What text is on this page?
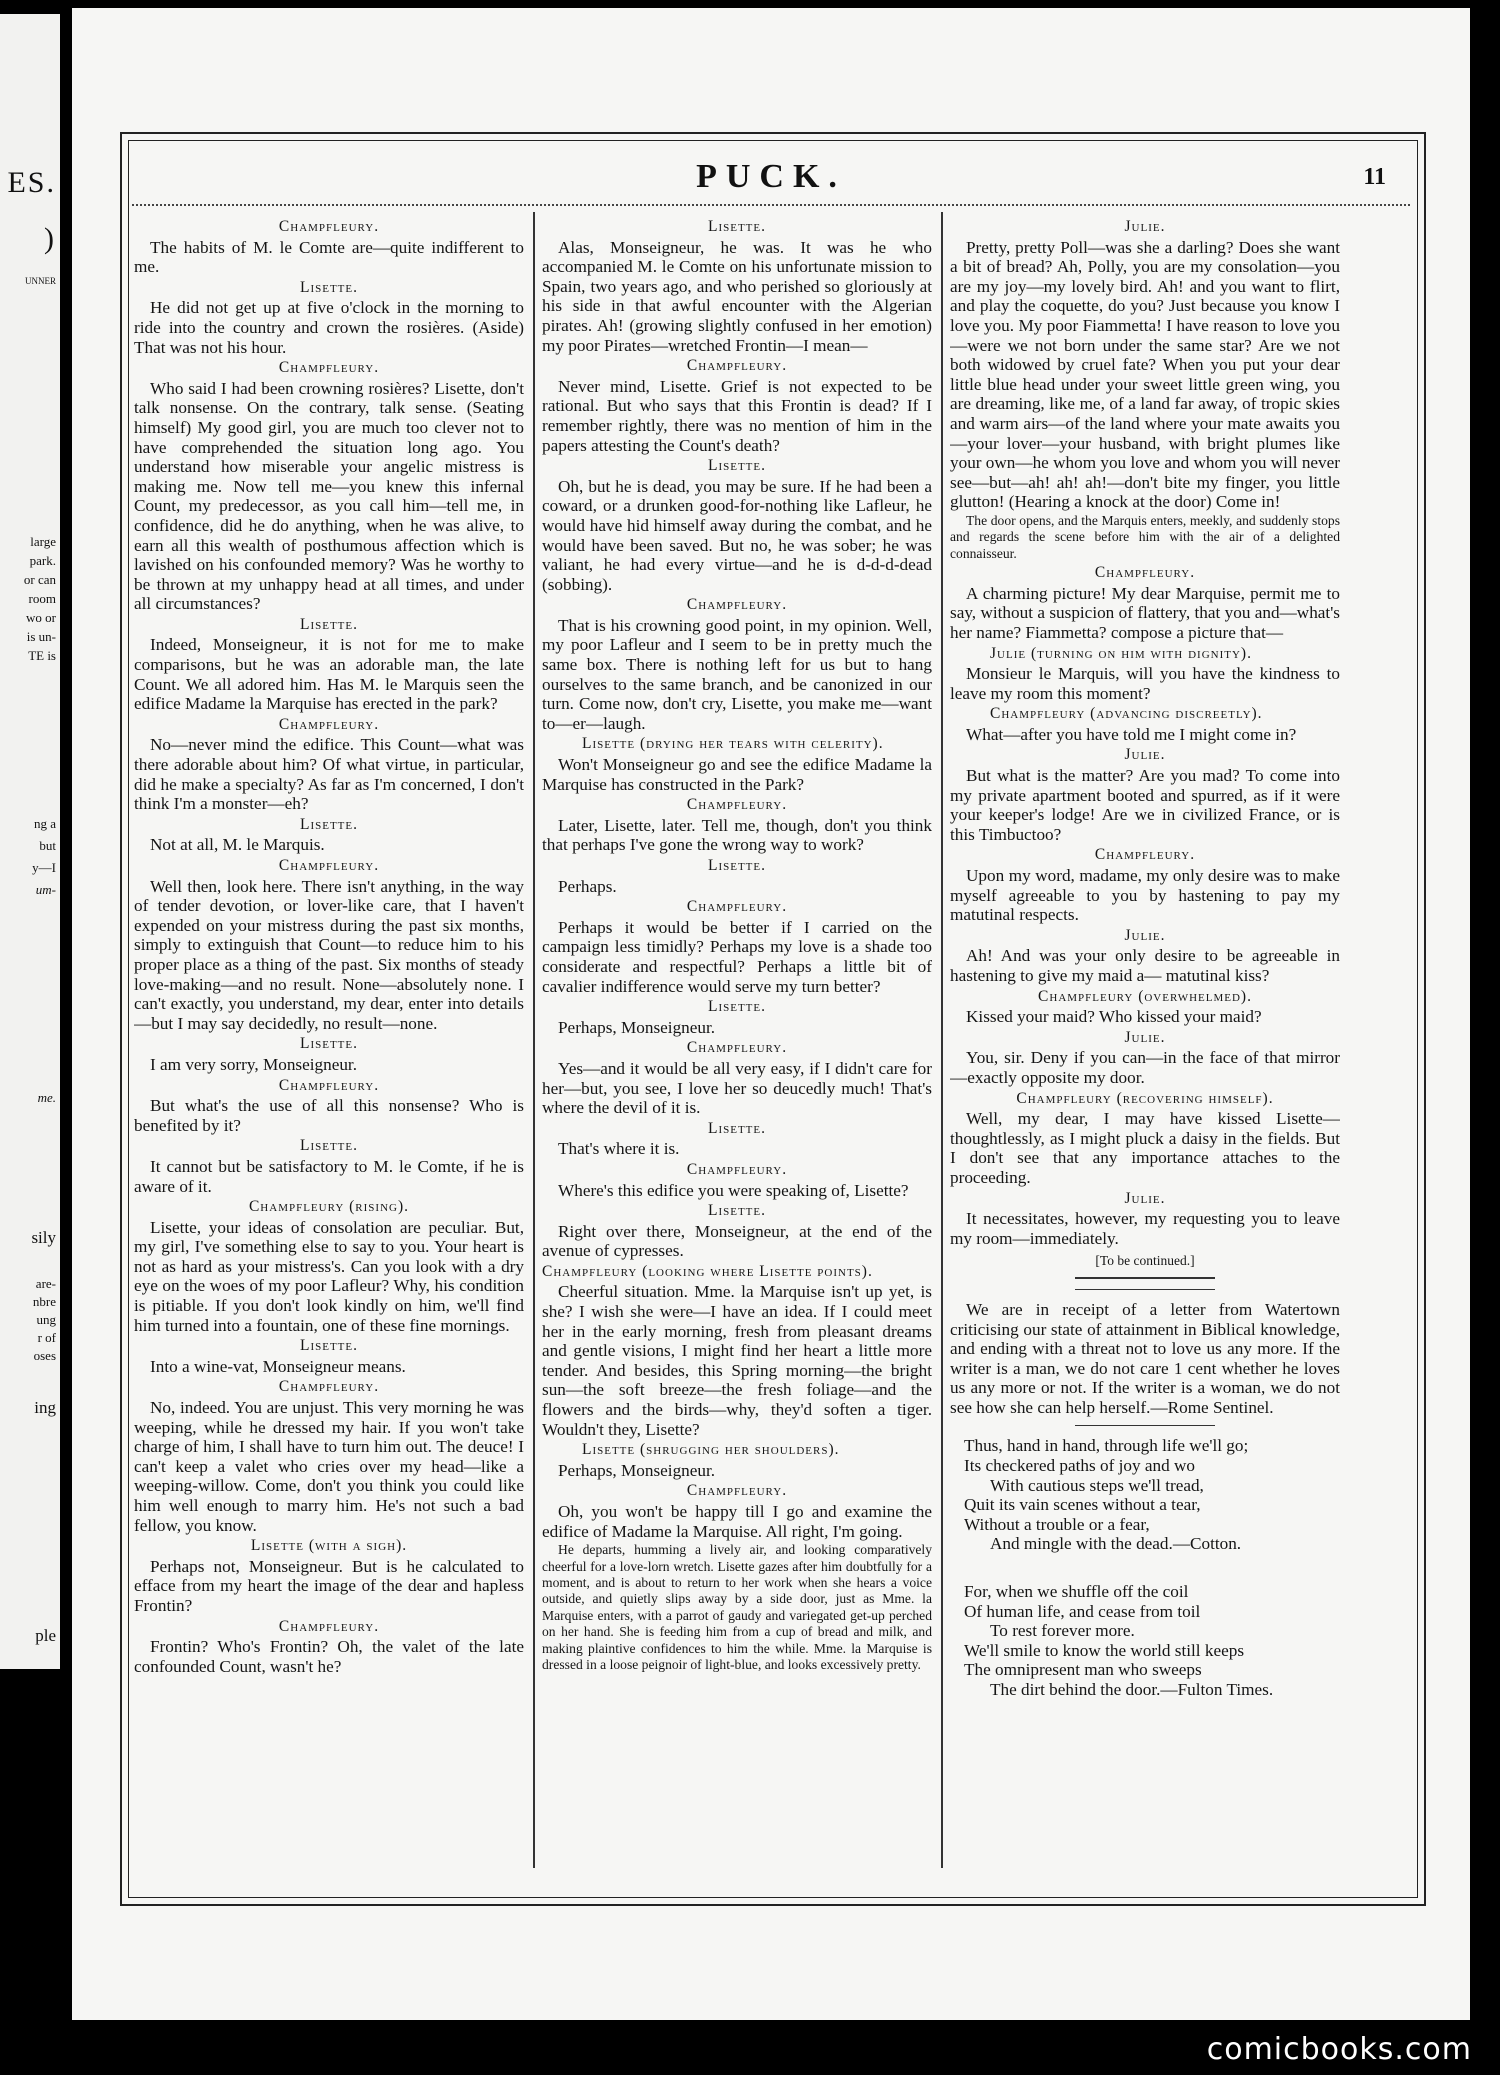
ES.
)
UNNER
large
park.
or can
room
wo or
is un-
TE is
ng a
but
y—I
um-
me.
sily
are-
nbre
ung
r of
oses
ing
ple
PUCK.	11
Champfleury.

The habits of M. le Comte are—quite indifferent to me.

Lisette.

He did not get up at five o'clock in the morning to ride into the country and crown the rosières. (Aside) That was not his hour.

Champfleury.

Who said I had been crowning rosières? Lisette, don't talk nonsense. On the contrary, talk sense. (Seating himself) My good girl, you are much too clever not to have comprehended the situation long ago. You understand how miserable your angelic mistress is making me. Now tell me—you knew this infernal Count, my predecessor, as you call him—tell me, in confidence, did he do anything, when he was alive, to earn all this wealth of posthumous affection which is lavished on his confounded memory? Was he worthy to be thrown at my unhappy head at all times, and under all circumstances?

Lisette.

Indeed, Monseigneur, it is not for me to make comparisons, but he was an adorable man, the late Count. We all adored him. Has M. le Marquis seen the edifice Madame la Marquise has erected in the park?

Champfleury.

No—never mind the edifice. This Count—what was there adorable about him? Of what virtue, in particular, did he make a specialty? As far as I'm concerned, I don't think I'm a monster—eh?

Lisette.

Not at all, M. le Marquis.

Champfleury.

Well then, look here. There isn't anything, in the way of tender devotion, or lover-like care, that I haven't expended on your mistress during the past six months, simply to extinguish that Count—to reduce him to his proper place as a thing of the past. Six months of steady love-making—and no result. None—absolutely none. I can't exactly, you understand, my dear, enter into details—but I may say decidedly, no result—none.

Lisette.

I am very sorry, Monseigneur.

Champfleury.

But what's the use of all this nonsense? Who is benefited by it?

Lisette.

It cannot but be satisfactory to M. le Comte, if he is aware of it.

Champfleury (rising).

Lisette, your ideas of consolation are peculiar. But, my girl, I've something else to say to you. Your heart is not as hard as your mistress's. Can you look with a dry eye on the woes of my poor Lafleur? Why, his condition is pitiable. If you don't look kindly on him, we'll find him turned into a fountain, one of these fine mornings.

Lisette.

Into a wine-vat, Monseigneur means.

Champfleury.

No, indeed. You are unjust. This very morning he was weeping, while he dressed my hair. If you won't take charge of him, I shall have to turn him out. The deuce! I can't keep a valet who cries over my head—like a weeping-willow. Come, don't you think you could like him well enough to marry him. He's not such a bad fellow, you know.

Lisette (with a sigh).

Perhaps not, Monseigneur. But is he calculated to efface from my heart the image of the dear and hapless Frontin?

Champfleury.

Frontin? Who's Frontin? Oh, the valet of the late confounded Count, wasn't he?

Lisette.

Alas, Monseigneur, he was. It was he who accompanied M. le Comte on his unfortunate mission to Spain, two years ago, and who perished so gloriously at his side in that awful encounter with the Algerian pirates. Ah! (growing slightly confused in her emotion) my poor Pirates—wretched Frontin—I mean—

Champfleury.

Never mind, Lisette. Grief is not expected to be rational. But who says that this Frontin is dead? If I remember rightly, there was no mention of him in the papers attesting the Count's death?

Lisette.

Oh, but he is dead, you may be sure. If he had been a coward, or a drunken good-for-nothing like Lafleur, he would have hid himself away during the combat, and he would have been saved. But no, he was sober; he was valiant, he had every virtue—and he is d-d-d-dead (sobbing).

Champfleury.

That is his crowning good point, in my opinion. Well, my poor Lafleur and I seem to be in pretty much the same box. There is nothing left for us but to hang ourselves to the same branch, and be canonized in our turn. Come now, don't cry, Lisette, you make me—want to—er—laugh.

Lisette (drying her tears with celerity).

Won't Monseigneur go and see the edifice Madame la Marquise has constructed in the Park?

Champfleury.

Later, Lisette, later. Tell me, though, don't you think that perhaps I've gone the wrong way to work?

Lisette.

Perhaps.

Champfleury.

Perhaps it would be better if I carried on the campaign less timidly? Perhaps my love is a shade too considerate and respectful? Perhaps a little bit of cavalier indifference would serve my turn better?

Lisette.

Perhaps, Monseigneur.

Champfleury.

Yes—and it would be all very easy, if I didn't care for her—but, you see, I love her so deucedly much! That's where the devil of it is.

Lisette.

That's where it is.

Champfleury.

Where's this edifice you were speaking of, Lisette?

Lisette.

Right over there, Monseigneur, at the end of the avenue of cypresses.

Champfleury (looking where Lisette points).

Cheerful situation. Mme. la Marquise isn't up yet, is she? I wish she were—I have an idea. If I could meet her in the early morning, fresh from pleasant dreams and gentle visions, I might find her heart a little more tender. And besides, this Spring morning—the bright sun—the soft breeze—the fresh foliage—and the flowers and the birds—why, they'd soften a tiger. Wouldn't they, Lisette?

Lisette (shrugging her shoulders).

Perhaps, Monseigneur.

Champfleury.

Oh, you won't be happy till I go and examine the edifice of Madame la Marquise. All right, I'm going.

He departs, humming a lively air, and looking comparatively cheerful for a love-lorn wretch. Lisette gazes after him doubtfully for a moment, and is about to return to her work when she hears a voice outside, and quietly slips away by a side door, just as Mme. la Marquise enters, with a parrot of gaudy and variegated get-up perched on her hand. She is feeding him from a cup of bread and milk, and making plaintive confidences to him the while. Mme. la Marquise is dressed in a loose peignoir of light-blue, and looks excessively pretty.

Julie.

Pretty, pretty Poll—was she a darling? Does she want a bit of bread? Ah, Polly, you are my consolation—you are my joy—my lovely bird. Ah! and you want to flirt, and play the coquette, do you? Just because you know I love you. My poor Fiammetta! I have reason to love you—were we not born under the same star? Are we not both widowed by cruel fate? When you put your dear little blue head under your sweet little green wing, you are dreaming, like me, of a land far away, of tropic skies and warm airs—of the land where your mate awaits you—your lover—your husband, with bright plumes like your own—he whom you love and whom you will never see—but—ah! ah! ah!—don't bite my finger, you little glutton! (Hearing a knock at the door) Come in!

The door opens, and the Marquis enters, meekly, and suddenly stops and regards the scene before him with the air of a delighted connaisseur.

Champfleury.

A charming picture! My dear Marquise, permit me to say, without a suspicion of flattery, that you and—what's her name? Fiammetta? compose a picture that—

Julie (turning on him with dignity).

Monsieur le Marquis, will you have the kindness to leave my room this moment?

Champfleury (advancing discreetly).

What—after you have told me I might come in?

Julie.

But what is the matter? Are you mad? To come into my private apartment booted and spurred, as if it were your keeper's lodge! Are we in civilized France, or is this Timbuctoo?

Champfleury.

Upon my word, madame, my only desire was to make myself agreeable to you by hastening to pay my matutinal respects.

Julie.

Ah! And was your only desire to be agreeable in hastening to give my maid a— matutinal kiss?

Champfleury (overwhelmed).

Kissed your maid? Who kissed your maid?

Julie.

You, sir. Deny if you can—in the face of that mirror—exactly opposite my door.

Champfleury (recovering himself).

Well, my dear, I may have kissed Lisette—thoughtlessly, as I might pluck a daisy in the fields. But I don't see that any importance attaches to the proceeding.

Julie.

It necessitates, however, my requesting you to leave my room—immediately.

[To be continued.]

We are in receipt of a letter from Watertown criticising our state of attainment in Biblical knowledge, and ending with a threat not to love us any more. If the writer is a man, we do not care 1 cent whether he loves us any more or not. If the writer is a woman, we do not see how she can help herself.—Rome Sentinel.

Thus, hand in hand, through life we'll go;

Its checkered paths of joy and wo

With cautious steps we'll tread,

Quit its vain scenes without a tear,

Without a trouble or a fear,

And mingle with the dead.—Cotton.

For, when we shuffle off the coil

Of human life, and cease from toil

To rest forever more.

We'll smile to know the world still keeps

The omnipresent man who sweeps

The dirt behind the door.—Fulton Times.

comicbooks.com
